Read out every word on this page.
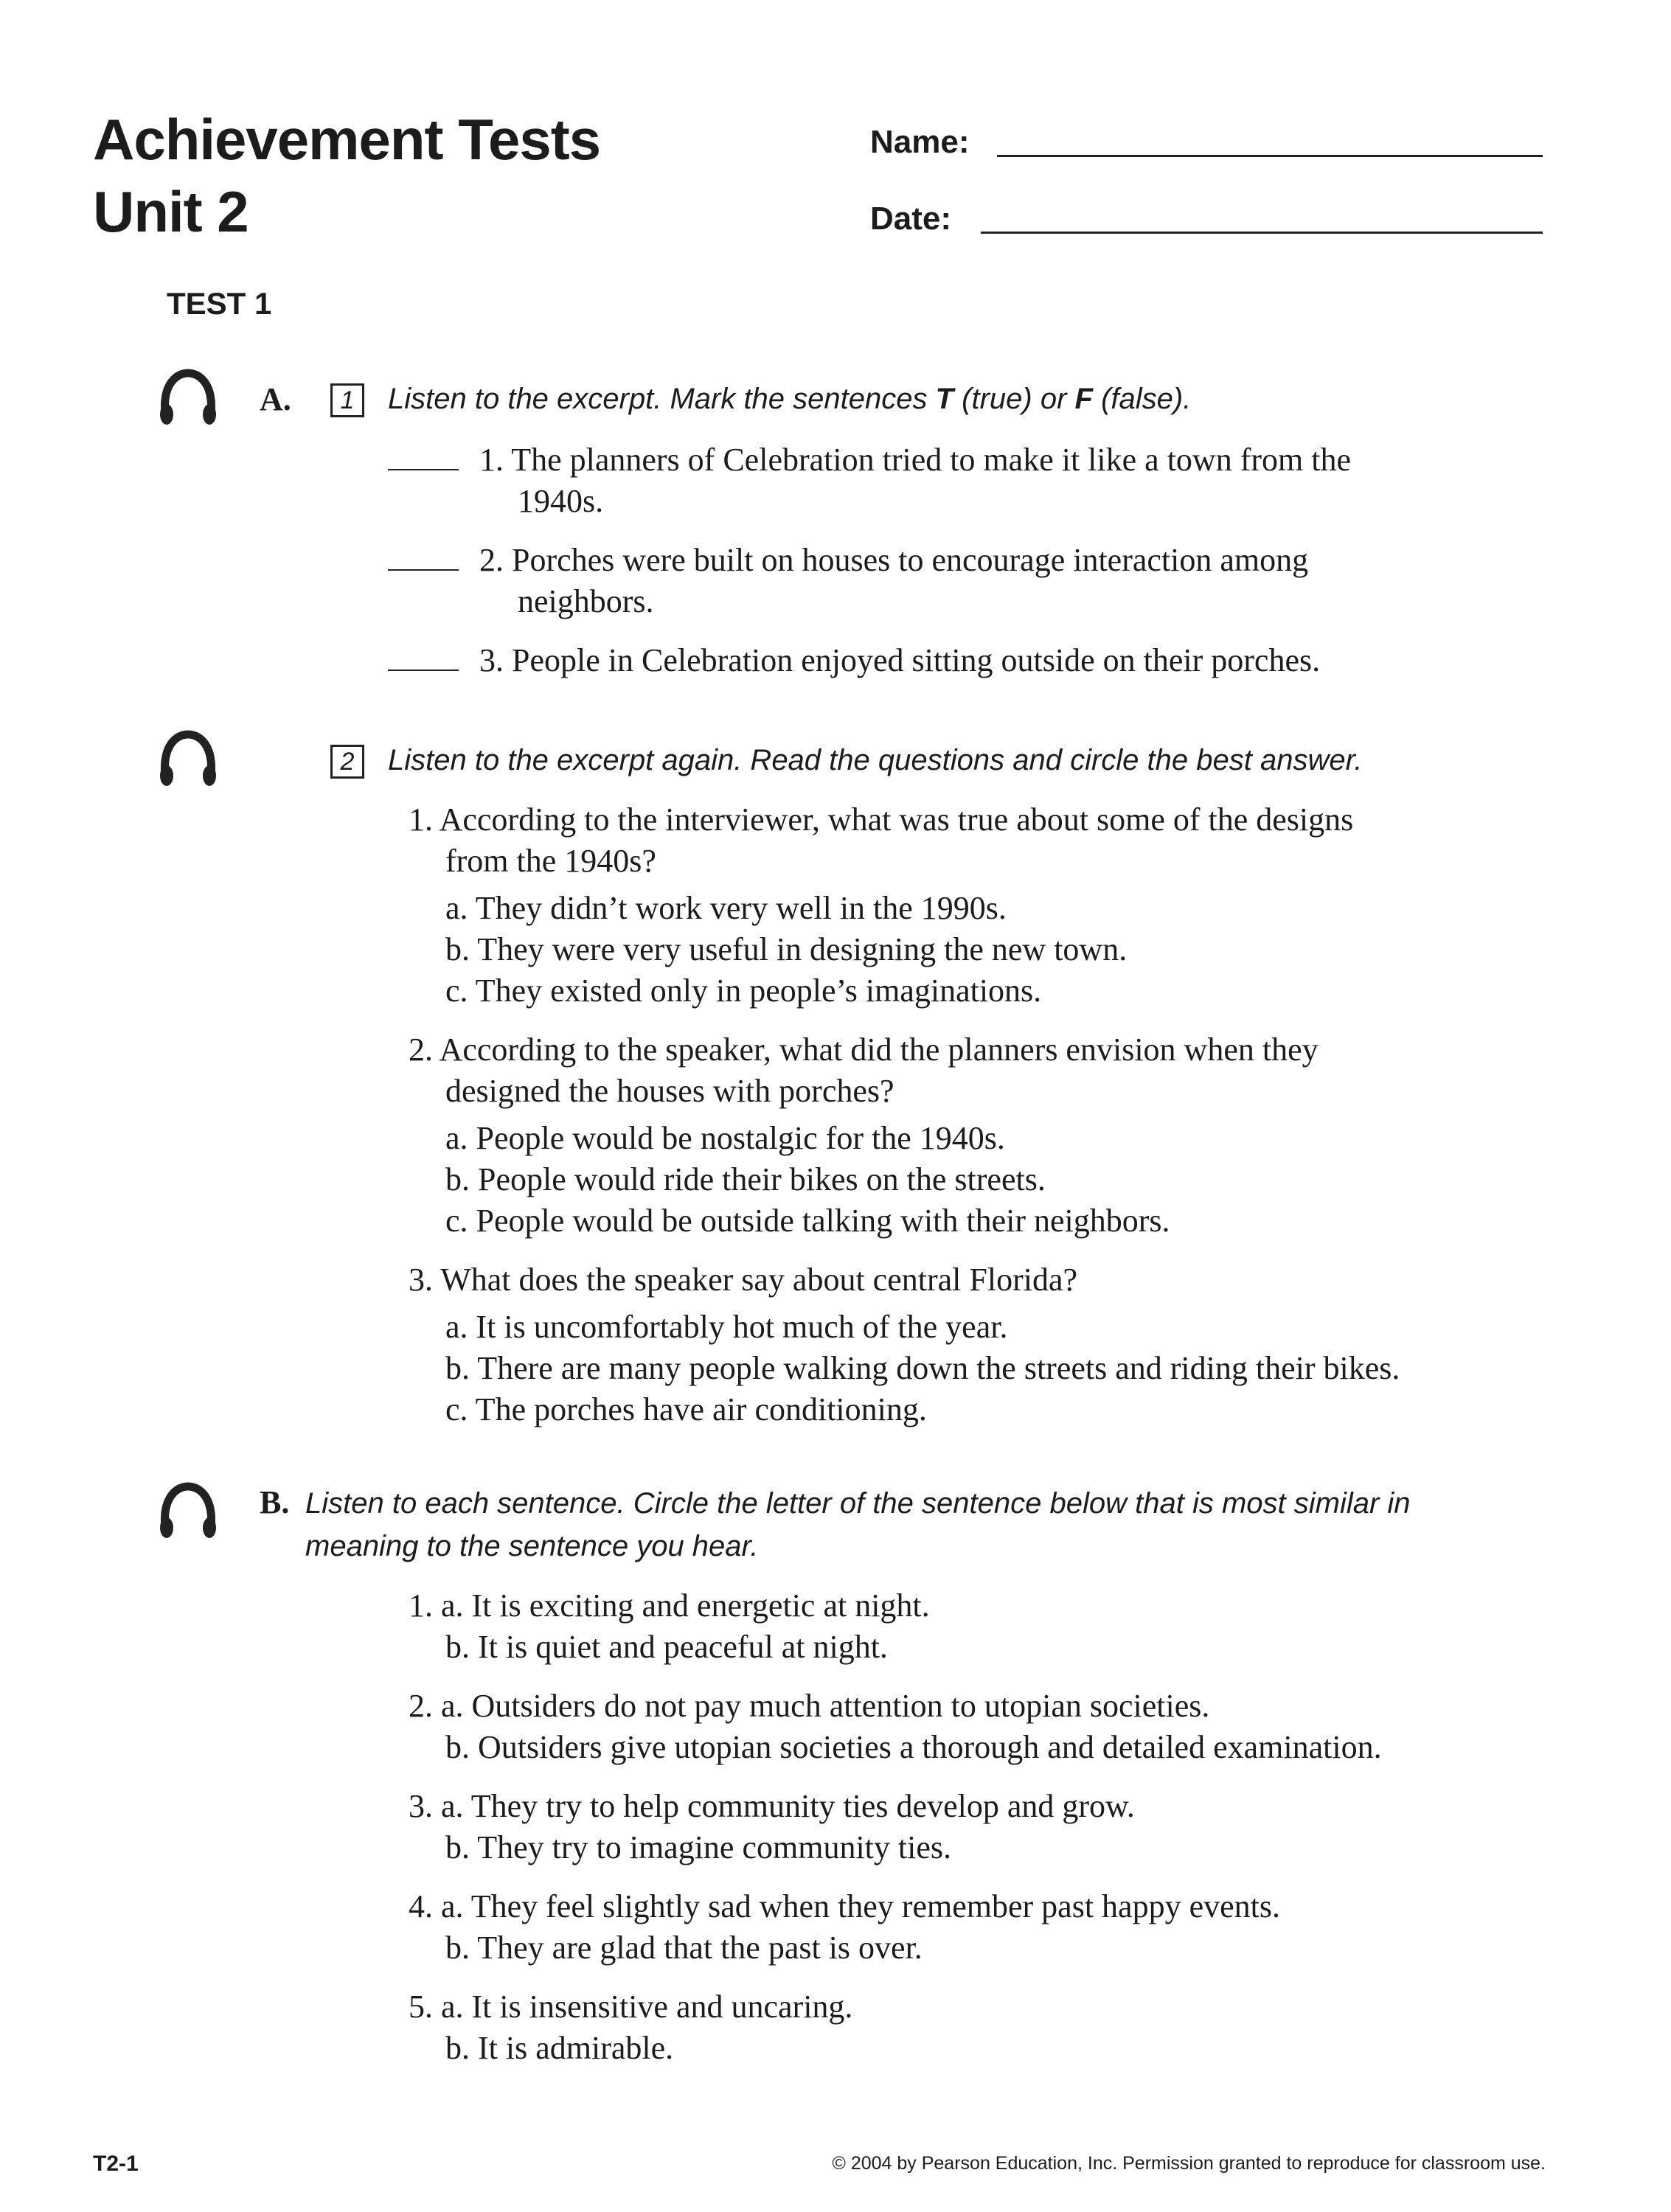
Achievement Tests
Unit 2
Name:
Date:
TEST 1
A.	1	Listen to the excerpt. Mark the sentences T (true) or F (false).
1. The planners of Celebration tried to make it like a town from the
1940s.
2. Porches were built on houses to encourage interaction among
neighbors.
3. People in Celebration enjoyed sitting outside on their porches.
2	Listen to the excerpt again. Read the questions and circle the best answer.
1. According to the interviewer, what was true about some of the designs
from the 1940s?
a. They didn’t work very well in the 1990s.
b. They were very useful in designing the new town.
c. They existed only in people’s imaginations.
2. According to the speaker, what did the planners envision when they
designed the houses with porches?
a. People would be nostalgic for the 1940s.
b. People would ride their bikes on the streets.
c. People would be outside talking with their neighbors.
3. What does the speaker say about central Florida?
a. It is uncomfortably hot much of the year.
b. There are many people walking down the streets and riding their bikes.
c. The porches have air conditioning.
B. Listen to each sentence. Circle the letter of the sentence below that is most similar in
meaning to the sentence you hear.
1. a. It is exciting and energetic at night.
b. It is quiet and peaceful at night.
2. a. Outsiders do not pay much attention to utopian societies.
b. Outsiders give utopian societies a thorough and detailed examination.
3. a. They try to help community ties develop and grow.
b. They try to imagine community ties.
4. a. They feel slightly sad when they remember past happy events.
b. They are glad that the past is over.
5. a. It is insensitive and uncaring.
b. It is admirable.
T2-1	© 2004 by Pearson Education, Inc. Permission granted to reproduce for classroom use.
